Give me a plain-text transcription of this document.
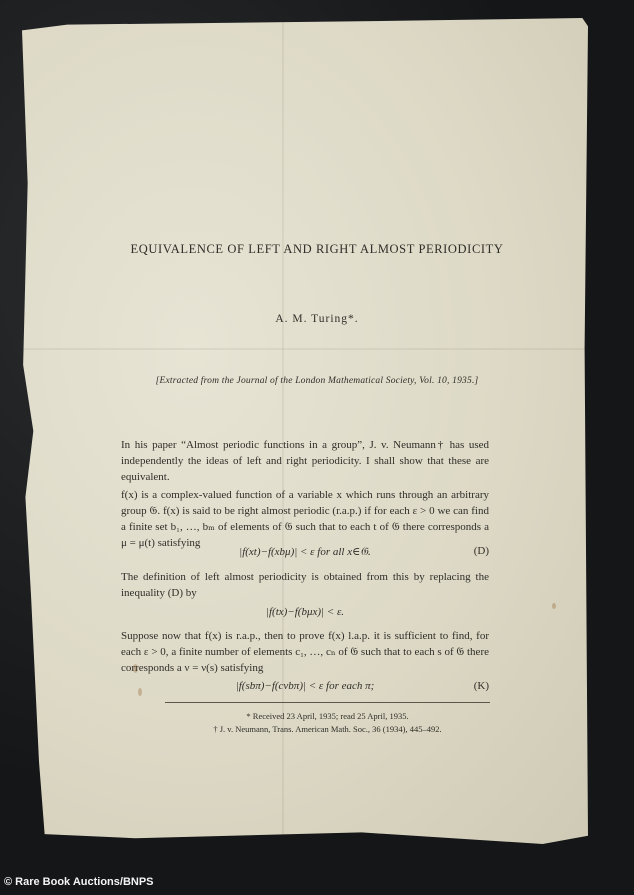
EQUIVALENCE OF LEFT AND RIGHT ALMOST PERIODICITY
A. M. Turing*.
[Extracted from the Journal of the London Mathematical Society, Vol. 10, 1935.]
In his paper “Almost periodic functions in a group”, J. v. Neumann† has used independently the ideas of left and right periodicity. I shall show that these are equivalent.
f(x) is a complex-valued function of a variable x which runs through an arbitrary group 𝔊. f(x) is said to be right almost periodic (r.a.p.) if for each ε > 0 we can find a finite set b₁, …, bₘ of elements of 𝔊 such that to each t of 𝔊 there corresponds a μ = μ(t) satisfying
|f(xt)−f(xbμ)| < ε for all x∈𝔊.	(D)
The definition of left almost periodicity is obtained from this by replacing the inequality (D) by
|f(tx)−f(bμx)| < ε.
Suppose now that f(x) is r.a.p., then to prove f(x) l.a.p. it is sufficient to find, for each ε > 0, a finite number of elements c₁, …, cₙ of 𝔊 such that to each s of 𝔊 there corresponds a ν = ν(s) satisfying
|f(sbπ)−f(cνbπ)| < ε for each π;	(K)
* Received 23 April, 1935; read 25 April, 1935.
† J. v. Neumann, Trans. American Math. Soc., 36 (1934), 445–492.
© Rare Book Auctions/BNPS
